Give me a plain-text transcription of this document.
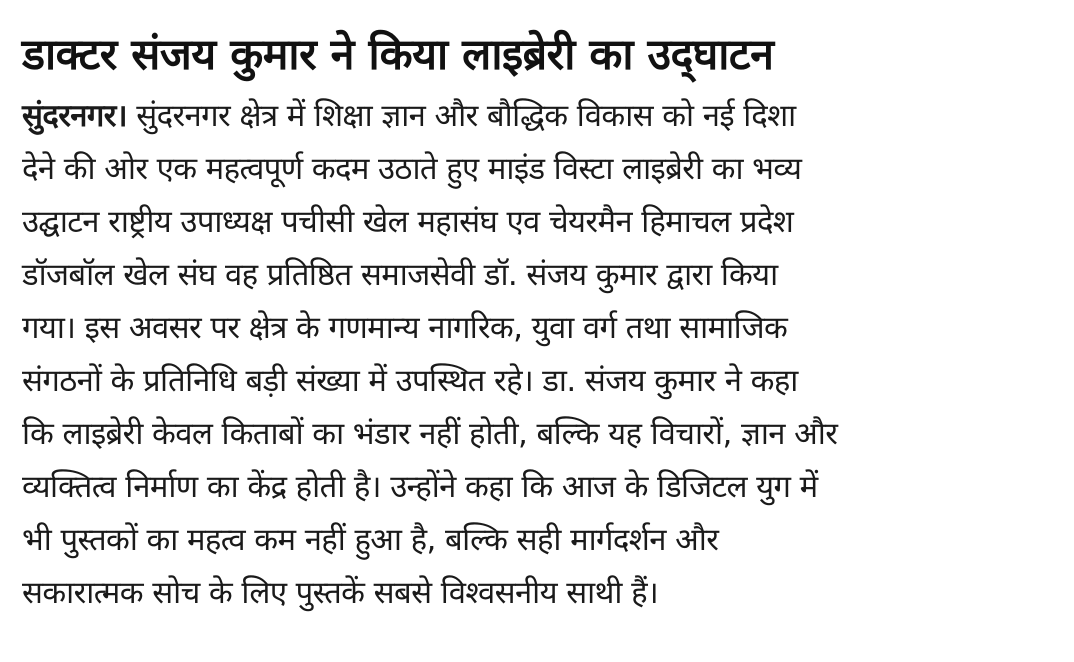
डाक्टर संजय कुमार ने किया लाइब्रेरी का उद्‌घाटन
सुंदरनगर। सुंदरनगर क्षेत्र में शिक्षा ज्ञान और बौद्धिक विकास को नई दिशा
देने की ओर एक महत्वपूर्ण कदम उठाते हुए माइंड विस्टा लाइब्रेरी का भव्य
उद्घाटन राष्ट्रीय उपाध्यक्ष पचीसी खेल महासंघ एव चेयरमैन हिमाचल प्रदेश
डॉजबॉल खेल संघ वह प्रतिष्ठित समाजसेवी डॉ. संजय कुमार द्वारा किया
गया। इस अवसर पर क्षेत्र के गणमान्य नागरिक, युवा वर्ग तथा सामाजिक
संगठनों के प्रतिनिधि बड़ी संख्या में उपस्थित रहे। डा. संजय कुमार ने कहा
कि लाइब्रेरी केवल किताबों का भंडार नहीं होती, बल्कि यह विचारों, ज्ञान और
व्यक्तित्व निर्माण का केंद्र होती है। उन्होंने कहा कि आज के डिजिटल युग में
भी पुस्तकों का महत्व कम नहीं हुआ है, बल्कि सही मार्गदर्शन और
सकारात्मक सोच के लिए पुस्तकें सबसे विश्वसनीय साथी हैं।
